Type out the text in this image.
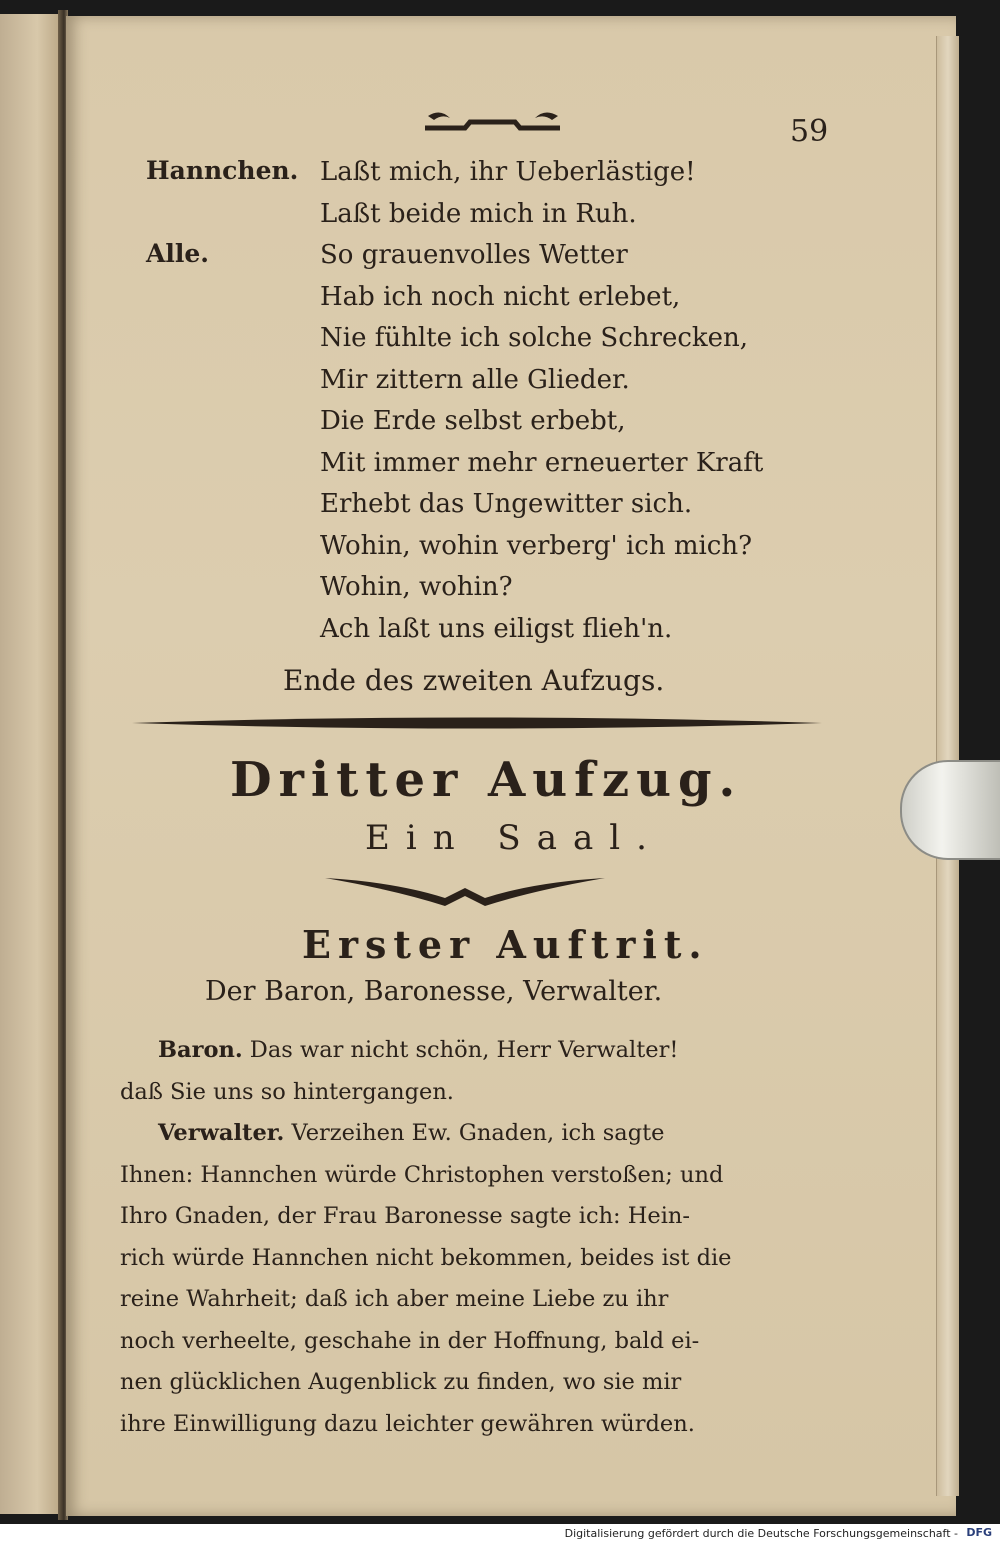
59

Hannchen.

Alle.

Laßt mich, ihr Ueberlästige!
Laßt beide mich in Ruh.
So grauenvolles Wetter
Hab ich noch nicht erlebet,
Nie fühlte ich solche Schrecken,
Mir zittern alle Glieder.
Die Erde selbst erbebt,
Mit immer mehr erneuerter Kraft
Erhebt das Ungewitter sich.
Wohin, wohin verberg' ich mich?
Wohin, wohin?
Ach laßt uns eiligst flieh'n.

Ende des zweiten Aufzugs.

Dritter Aufzug.

Ein Saal.

Erster Auftrit.

Der Baron, Baronesse, Verwalter.

Baron. Das war nicht schön, Herr Verwalter!
daß Sie uns so hintergangen.
Verwalter. Verzeihen Ew. Gnaden, ich sagte
Ihnen: Hannchen würde Christophen verstoßen; und
Ihro Gnaden, der Frau Baronesse sagte ich: Hein-
rich würde Hannchen nicht bekommen, beides ist die
reine Wahrheit; daß ich aber meine Liebe zu ihr
noch verheelte, geschahe in der Hoffnung, bald ei-
nen glücklichen Augenblick zu finden, wo sie mir
ihre Einwilligung dazu leichter gewähren würden.

Digitalisierung gefördert durch die Deutsche Forschungsgemeinschaft - DFG
